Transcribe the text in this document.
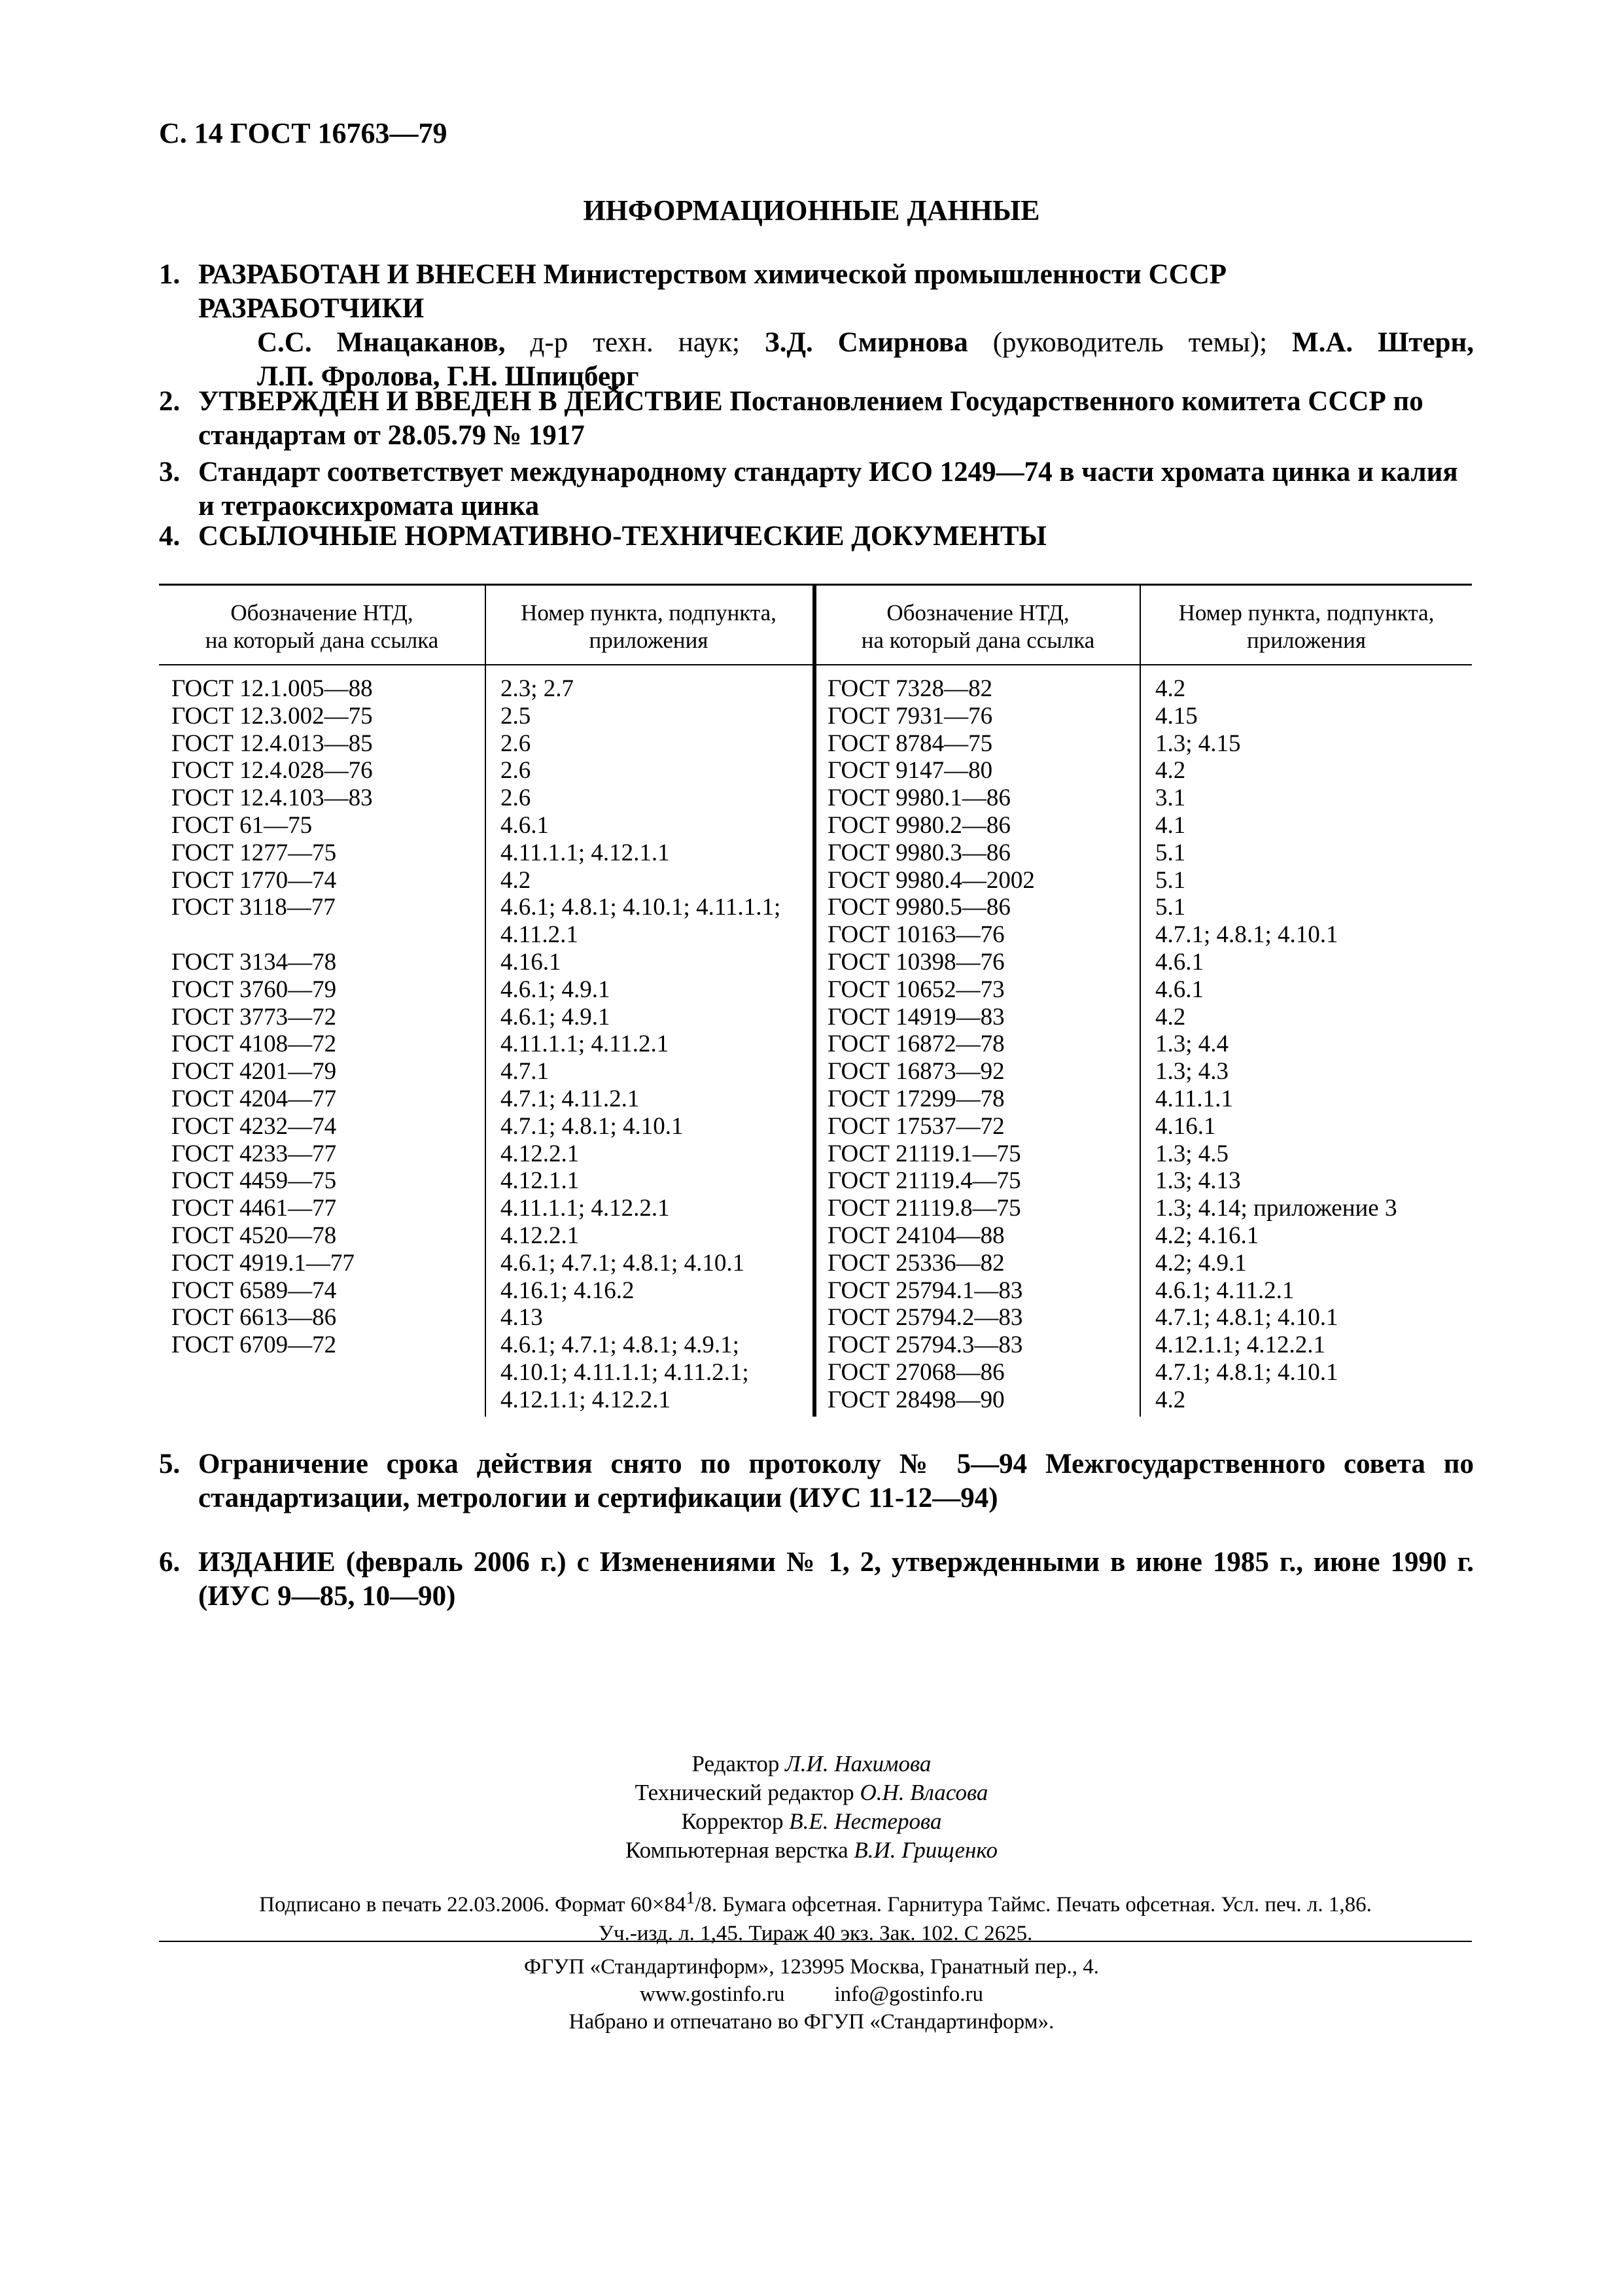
С. 14 ГОСТ 16763—79
ИНФОРМАЦИОННЫЕ ДАННЫЕ
1. РАЗРАБОТАН И ВНЕСЕН Министерством химической промышленности СССР
РАЗРАБОТЧИКИ
С.С. Мнацаканов, д-р техн. наук; З.Д. Смирнова (руководитель темы); М.А. Штерн,
Л.П. Фролова, Г.Н. Шпицберг
2. УТВЕРЖДЕН И ВВЕДЕН В ДЕЙСТВИЕ Постановлением Государственного комитета СССР по стандартам от 28.05.79 № 1917
3. Стандарт соответствует международному стандарту ИСО 1249—74 в части хромата цинка и калия и тетраоксихромата цинка
4. ССЫЛОЧНЫЕ НОРМАТИВНО-ТЕХНИЧЕСКИЕ ДОКУМЕНТЫ
Обозначение НТД,
на который дана ссылка
Номер пункта, подпункта,
приложения
Обозначение НТД,
на который дана ссылка
Номер пункта, подпункта,
приложения
ГОСТ 12.1.005—88
ГОСТ 12.3.002—75
ГОСТ 12.4.013—85
ГОСТ 12.4.028—76
ГОСТ 12.4.103—83
ГОСТ 61—75
ГОСТ 1277—75
ГОСТ 1770—74
ГОСТ 3118—77
ГОСТ 3134—78
ГОСТ 3760—79
ГОСТ 3773—72
ГОСТ 4108—72
ГОСТ 4201—79
ГОСТ 4204—77
ГОСТ 4232—74
ГОСТ 4233—77
ГОСТ 4459—75
ГОСТ 4461—77
ГОСТ 4520—78
ГОСТ 4919.1—77
ГОСТ 6589—74
ГОСТ 6613—86
ГОСТ 6709—72
2.3; 2.7
2.5
2.6
2.6
2.6
4.6.1
4.11.1.1; 4.12.1.1
4.2
4.6.1; 4.8.1; 4.10.1; 4.11.1.1;
4.11.2.1
4.16.1
4.6.1; 4.9.1
4.6.1; 4.9.1
4.11.1.1; 4.11.2.1
4.7.1
4.7.1; 4.11.2.1
4.7.1; 4.8.1; 4.10.1
4.12.2.1
4.12.1.1
4.11.1.1; 4.12.2.1
4.12.2.1
4.6.1; 4.7.1; 4.8.1; 4.10.1
4.16.1; 4.16.2
4.13
4.6.1; 4.7.1; 4.8.1; 4.9.1;
4.10.1; 4.11.1.1; 4.11.2.1;
4.12.1.1; 4.12.2.1
ГОСТ 7328—82
ГОСТ 7931—76
ГОСТ 8784—75
ГОСТ 9147—80
ГОСТ 9980.1—86
ГОСТ 9980.2—86
ГОСТ 9980.3—86
ГОСТ 9980.4—2002
ГОСТ 9980.5—86
ГОСТ 10163—76
ГОСТ 10398—76
ГОСТ 10652—73
ГОСТ 14919—83
ГОСТ 16872—78
ГОСТ 16873—92
ГОСТ 17299—78
ГОСТ 17537—72
ГОСТ 21119.1—75
ГОСТ 21119.4—75
ГОСТ 21119.8—75
ГОСТ 24104—88
ГОСТ 25336—82
ГОСТ 25794.1—83
ГОСТ 25794.2—83
ГОСТ 25794.3—83
ГОСТ 27068—86
ГОСТ 28498—90
4.2
4.15
1.3; 4.15
4.2
3.1
4.1
5.1
5.1
5.1
4.7.1; 4.8.1; 4.10.1
4.6.1
4.6.1
4.2
1.3; 4.4
1.3; 4.3
4.11.1.1
4.16.1
1.3; 4.5
1.3; 4.13
1.3; 4.14; приложение 3
4.2; 4.16.1
4.2; 4.9.1
4.6.1; 4.11.2.1
4.7.1; 4.8.1; 4.10.1
4.12.1.1; 4.12.2.1
4.7.1; 4.8.1; 4.10.1
4.2
5. Ограничение срока действия снято по протоколу № 5—94 Межгосударственного совета по стандартизации, метрологии и сертификации (ИУС 11-12—94)
6. ИЗДАНИЕ (февраль 2006 г.) с Изменениями № 1, 2, утвержденными в июне 1985 г., июне 1990 г. (ИУС 9—85, 10—90)
Редактор Л.И. Нахимова
Технический редактор О.Н. Власова
Корректор В.Е. Нестерова
Компьютерная верстка В.И. Грищенко
Подписано в печать 22.03.2006. Формат $60\times 84^1/8$. Бумага офсетная. Гарнитура Таймс. Печать офсетная. Усл. печ. л. 1,86.
Уч.-изд. л. 1,45. Тираж 40 экз. Зак. 102. С 2625.
ФГУП «Стандартинформ», 123995 Москва, Гранатный пер., 4.
www.gostinfo.ru info@gostinfo.ru
Набрано и отпечатано во ФГУП «Стандартинформ».
